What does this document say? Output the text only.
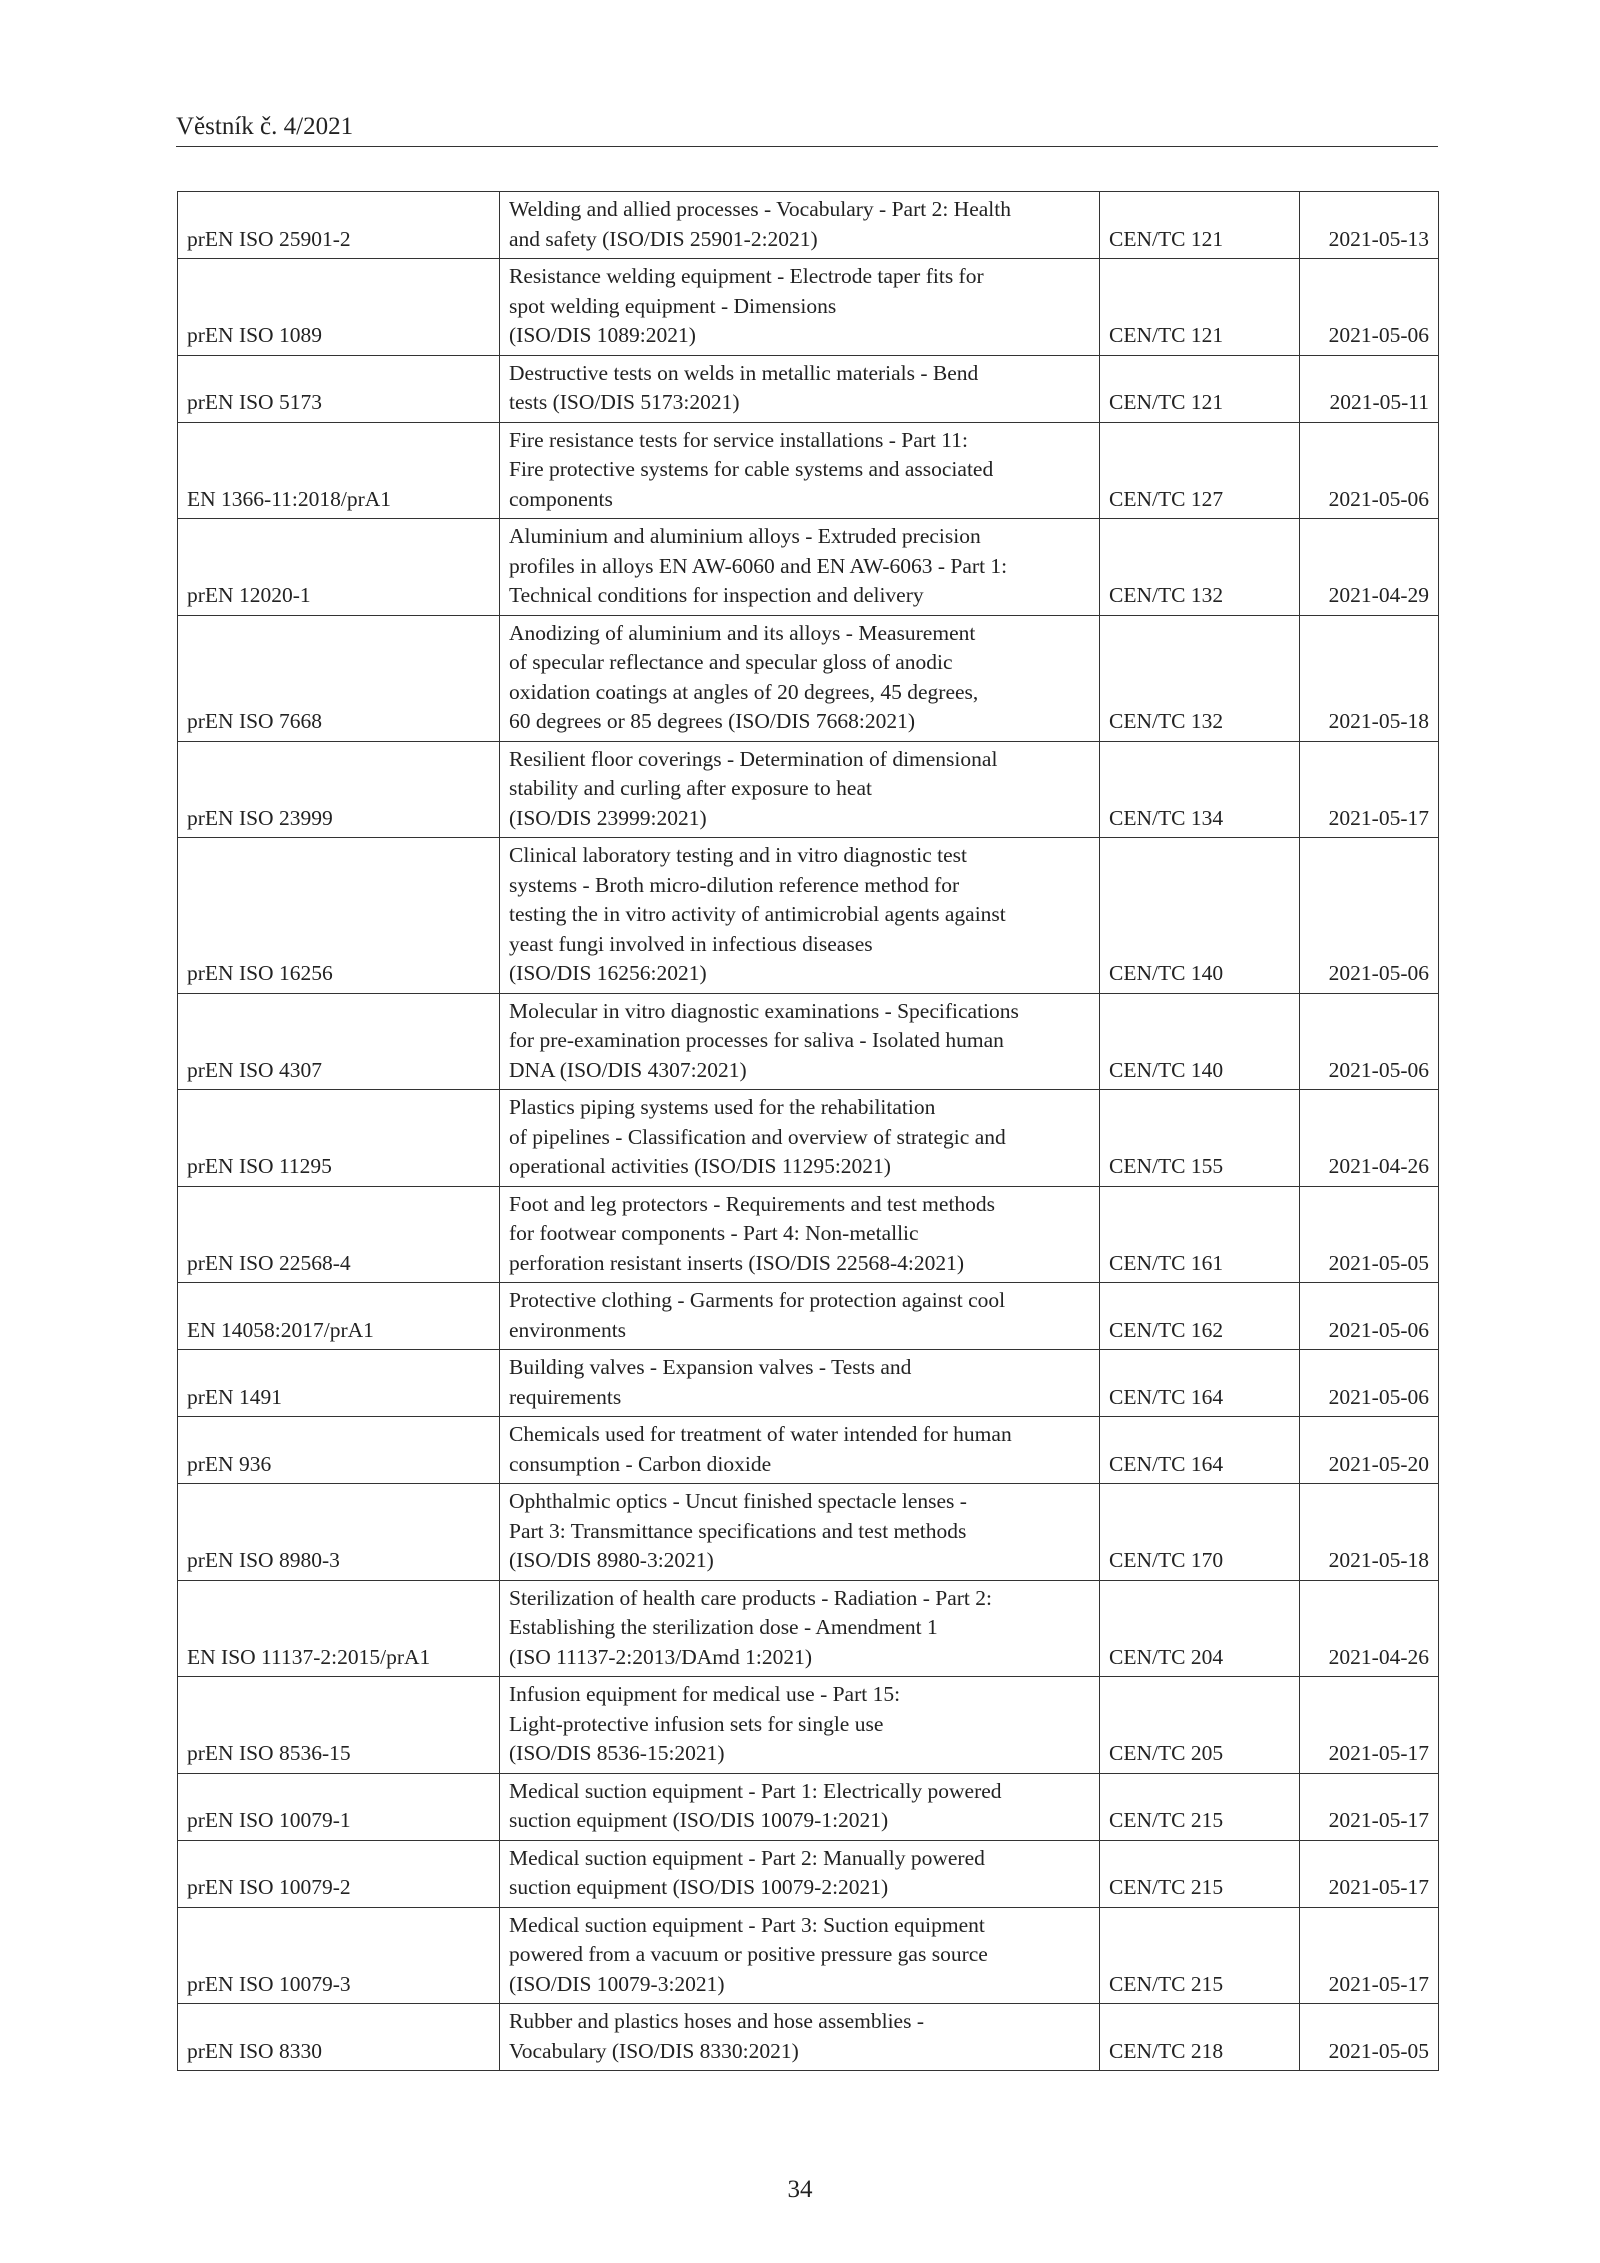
Věstník č. 4/2021
prEN ISO 25901-2	Welding and allied processes - Vocabulary - Part 2: Health
and safety (ISO/DIS 25901-2:2021)	CEN/TC 121	2021-05-13
prEN ISO 1089	Resistance welding equipment - Electrode taper fits for
spot welding equipment - Dimensions
(ISO/DIS 1089:2021)	CEN/TC 121	2021-05-06
prEN ISO 5173	Destructive tests on welds in metallic materials - Bend
tests (ISO/DIS 5173:2021)	CEN/TC 121	2021-05-11
EN 1366-11:2018/prA1	Fire resistance tests for service installations - Part 11:
Fire protective systems for cable systems and associated
components	CEN/TC 127	2021-05-06
prEN 12020-1	Aluminium and aluminium alloys - Extruded precision
profiles in alloys EN AW-6060 and EN AW-6063 - Part 1:
Technical conditions for inspection and delivery	CEN/TC 132	2021-04-29
prEN ISO 7668	Anodizing of aluminium and its alloys - Measurement
of specular reflectance and specular gloss of anodic
oxidation coatings at angles of 20 degrees, 45 degrees,
60 degrees or 85 degrees (ISO/DIS 7668:2021)	CEN/TC 132	2021-05-18
prEN ISO 23999	Resilient floor coverings - Determination of dimensional
stability and curling after exposure to heat
(ISO/DIS 23999:2021)	CEN/TC 134	2021-05-17
prEN ISO 16256	Clinical laboratory testing and in vitro diagnostic test
systems - Broth micro-dilution reference method for
testing the in vitro activity of antimicrobial agents against
yeast fungi involved in infectious diseases
(ISO/DIS 16256:2021)	CEN/TC 140	2021-05-06
prEN ISO 4307	Molecular in vitro diagnostic examinations - Specifications
for pre-examination processes for saliva - Isolated human
DNA (ISO/DIS 4307:2021)	CEN/TC 140	2021-05-06
prEN ISO 11295	Plastics piping systems used for the rehabilitation
of pipelines - Classification and overview of strategic and
operational activities (ISO/DIS 11295:2021)	CEN/TC 155	2021-04-26
prEN ISO 22568-4	Foot and leg protectors - Requirements and test methods
for footwear components - Part 4: Non-metallic
perforation resistant inserts (ISO/DIS 22568-4:2021)	CEN/TC 161	2021-05-05
EN 14058:2017/prA1	Protective clothing - Garments for protection against cool
environments	CEN/TC 162	2021-05-06
prEN 1491	Building valves - Expansion valves - Tests and
requirements	CEN/TC 164	2021-05-06
prEN 936	Chemicals used for treatment of water intended for human
consumption - Carbon dioxide	CEN/TC 164	2021-05-20
prEN ISO 8980-3	Ophthalmic optics - Uncut finished spectacle lenses -
Part 3: Transmittance specifications and test methods
(ISO/DIS 8980-3:2021)	CEN/TC 170	2021-05-18
EN ISO 11137-2:2015/prA1	Sterilization of health care products - Radiation - Part 2:
Establishing the sterilization dose - Amendment 1
(ISO 11137-2:2013/DAmd 1:2021)	CEN/TC 204	2021-04-26
prEN ISO 8536-15	Infusion equipment for medical use - Part 15:
Light-protective infusion sets for single use
(ISO/DIS 8536-15:2021)	CEN/TC 205	2021-05-17
prEN ISO 10079-1	Medical suction equipment - Part 1: Electrically powered
suction equipment (ISO/DIS 10079-1:2021)	CEN/TC 215	2021-05-17
prEN ISO 10079-2	Medical suction equipment - Part 2: Manually powered
suction equipment (ISO/DIS 10079-2:2021)	CEN/TC 215	2021-05-17
prEN ISO 10079-3	Medical suction equipment - Part 3: Suction equipment
powered from a vacuum or positive pressure gas source
(ISO/DIS 10079-3:2021)	CEN/TC 215	2021-05-17
prEN ISO 8330	Rubber and plastics hoses and hose assemblies -
Vocabulary (ISO/DIS 8330:2021)	CEN/TC 218	2021-05-05
34
